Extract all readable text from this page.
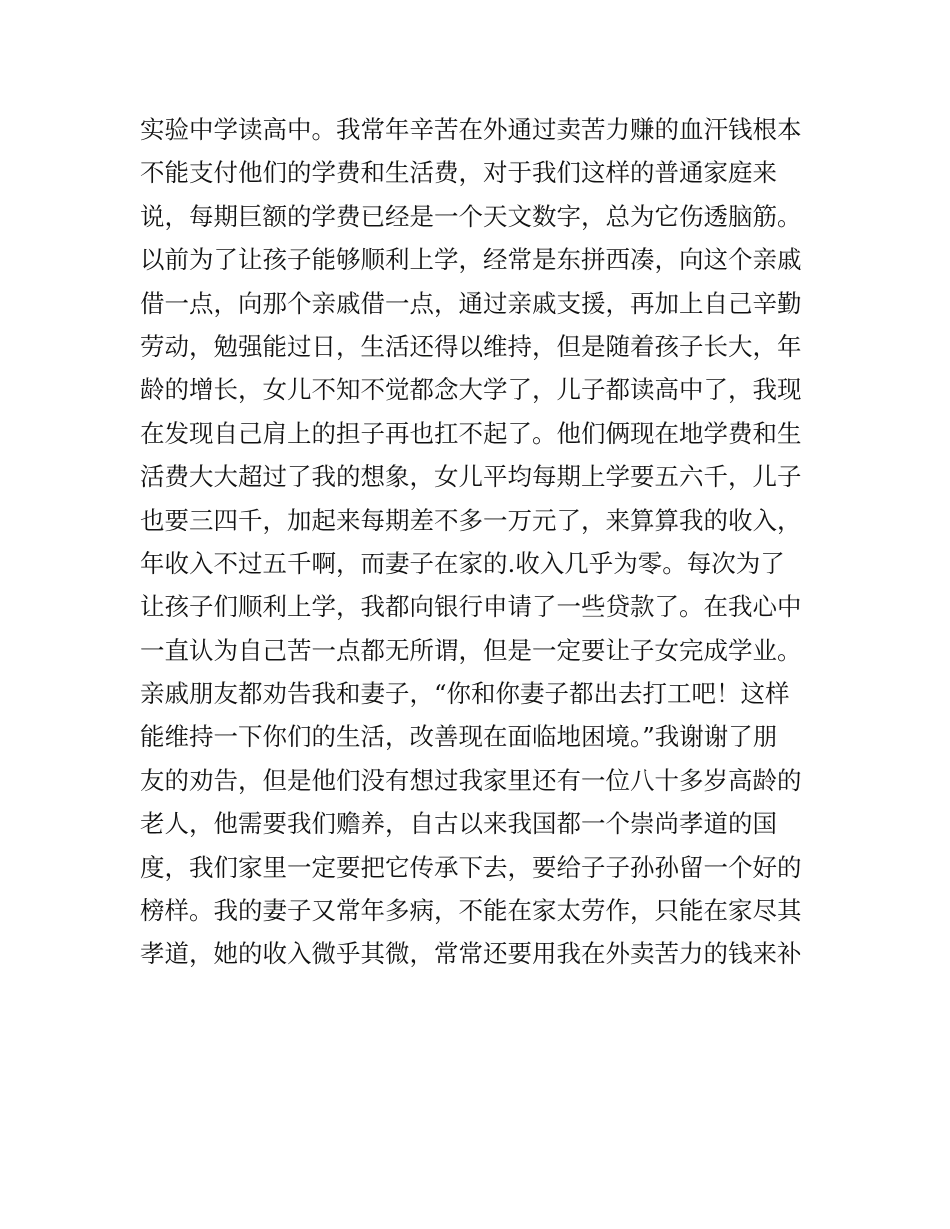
实验中学读高中。我常年辛苦在外通过卖苦力赚的血汗钱根本
不能支付他们的学费和生活费，对于我们这样的普通家庭来
说，每期巨额的学费已经是一个天文数字，总为它伤透脑筋。
以前为了让孩子能够顺利上学，经常是东拼西凑，向这个亲戚
借一点，向那个亲戚借一点，通过亲戚支援，再加上自己辛勤
劳动，勉强能过日，生活还得以维持，但是随着孩子长大，年
龄的增长，女儿不知不觉都念大学了，儿子都读高中了，我现
在发现自己肩上的担子再也扛不起了。他们俩现在地学费和生
活费大大超过了我的想象，女儿平均每期上学要五六千，儿子
也要三四千，加起来每期差不多一万元了，来算算我的收入，
年收入不过五千啊，而妻子在家的.收入几乎为零。每次为了
让孩子们顺利上学，我都向银行申请了一些贷款了。在我心中
一直认为自己苦一点都无所谓，但是一定要让子女完成学业。
亲戚朋友都劝告我和妻子，“你和你妻子都出去打工吧！这样
能维持一下你们的生活，改善现在面临地困境。”我谢谢了朋
友的劝告，但是他们没有想过我家里还有一位八十多岁高龄的
老人，他需要我们赡养，自古以来我国都一个崇尚孝道的国
度，我们家里一定要把它传承下去，要给子子孙孙留一个好的
榜样。我的妻子又常年多病，不能在家太劳作，只能在家尽其
孝道，她的收入微乎其微，常常还要用我在外卖苦力的钱来补
